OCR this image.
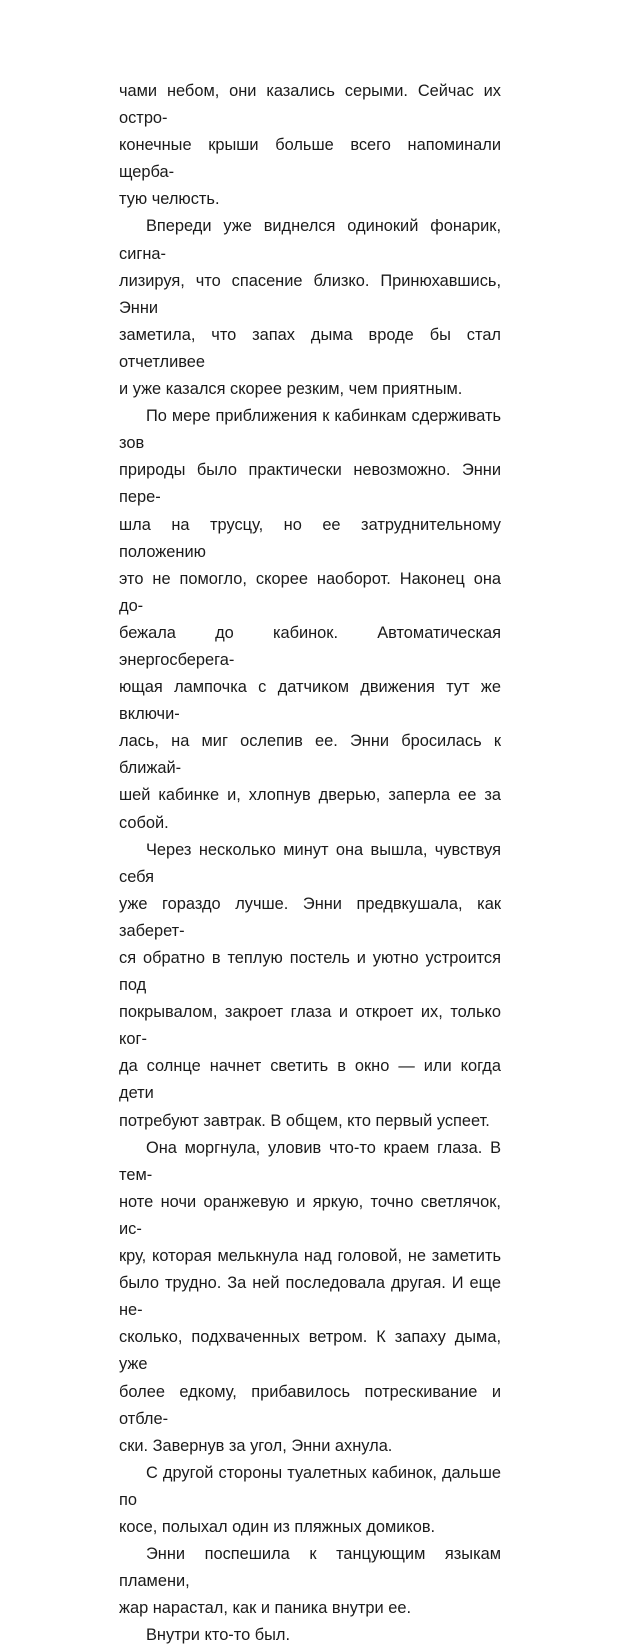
чами небом, они казались серыми. Сейчас их остро-
конечные крыши больше всего напоминали щерба-
тую челюсть.

Впереди уже виднелся одинокий фонарик, сигна-
лизируя, что спасение близко. Принюхавшись, Энни
заметила, что запах дыма вроде бы стал отчетливее
и уже казался скорее резким, чем приятным.

По мере приближения к кабинкам сдерживать зов
природы было практически невозможно. Энни пере-
шла на трусцу, но ее затруднительному положению
это не помогло, скорее наоборот. Наконец она до-
бежала до кабинок. Автоматическая энергосберега-
ющая лампочка с датчиком движения тут же включи-
лась, на миг ослепив ее. Энни бросилась к ближай-
шей кабинке и, хлопнув дверью, заперла ее за собой.

Через несколько минут она вышла, чувствуя себя
уже гораздо лучше. Энни предвкушала, как заберет-
ся обратно в теплую постель и уютно устроится под
покрывалом, закроет глаза и откроет их, только ког-
да солнце начнет светить в окно — или когда дети
потребуют завтрак. В общем, кто первый успеет.

Она моргнула, уловив что-то краем глаза. В тем-
ноте ночи оранжевую и яркую, точно светлячок, ис-
кру, которая мелькнула над головой, не заметить
было трудно. За ней последовала другая. И еще не-
сколько, подхваченных ветром. К запаху дыма, уже
более едкому, прибавилось потрескивание и отбле-
ски. Завернув за угол, Энни ахнула.

С другой стороны туалетных кабинок, дальше по
косе, полыхал один из пляжных домиков.

Энни поспешила к танцующим языкам пламени,
жар нарастал, как и паника внутри ее.

Внутри кто-то был.
